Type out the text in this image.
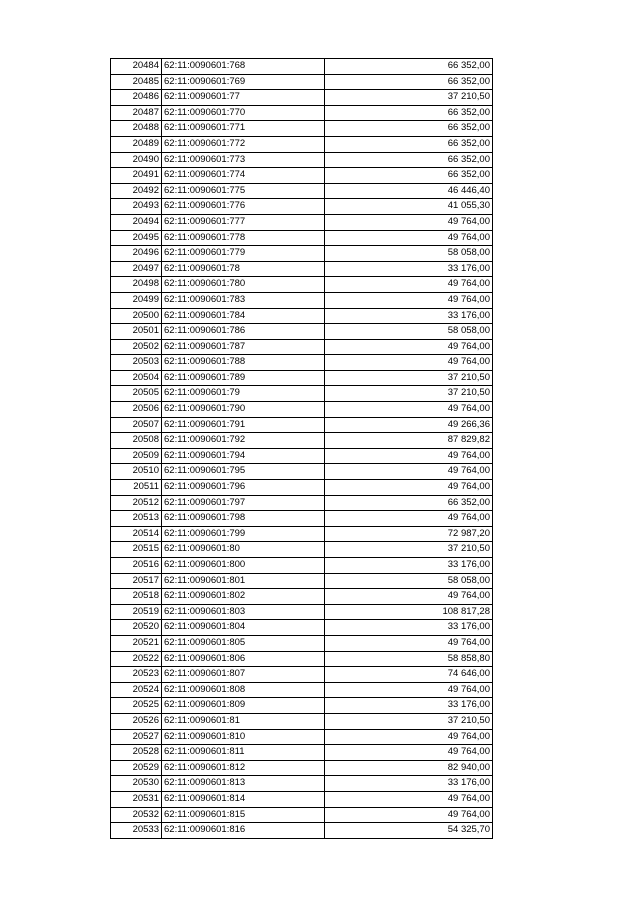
20484	62:11:0090601:768	66 352,00
20485	62:11:0090601:769	66 352,00
20486	62:11:0090601:77	37 210,50
20487	62:11:0090601:770	66 352,00
20488	62:11:0090601:771	66 352,00
20489	62:11:0090601:772	66 352,00
20490	62:11:0090601:773	66 352,00
20491	62:11:0090601:774	66 352,00
20492	62:11:0090601:775	46 446,40
20493	62:11:0090601:776	41 055,30
20494	62:11:0090601:777	49 764,00
20495	62:11:0090601:778	49 764,00
20496	62:11:0090601:779	58 058,00
20497	62:11:0090601:78	33 176,00
20498	62:11:0090601:780	49 764,00
20499	62:11:0090601:783	49 764,00
20500	62:11:0090601:784	33 176,00
20501	62:11:0090601:786	58 058,00
20502	62:11:0090601:787	49 764,00
20503	62:11:0090601:788	49 764,00
20504	62:11:0090601:789	37 210,50
20505	62:11:0090601:79	37 210,50
20506	62:11:0090601:790	49 764,00
20507	62:11:0090601:791	49 266,36
20508	62:11:0090601:792	87 829,82
20509	62:11:0090601:794	49 764,00
20510	62:11:0090601:795	49 764,00
20511	62:11:0090601:796	49 764,00
20512	62:11:0090601:797	66 352,00
20513	62:11:0090601:798	49 764,00
20514	62:11:0090601:799	72 987,20
20515	62:11:0090601:80	37 210,50
20516	62:11:0090601:800	33 176,00
20517	62:11:0090601:801	58 058,00
20518	62:11:0090601:802	49 764,00
20519	62:11:0090601:803	108 817,28
20520	62:11:0090601:804	33 176,00
20521	62:11:0090601:805	49 764,00
20522	62:11:0090601:806	58 858,80
20523	62:11:0090601:807	74 646,00
20524	62:11:0090601:808	49 764,00
20525	62:11:0090601:809	33 176,00
20526	62:11:0090601:81	37 210,50
20527	62:11:0090601:810	49 764,00
20528	62:11:0090601:811	49 764,00
20529	62:11:0090601:812	82 940,00
20530	62:11:0090601:813	33 176,00
20531	62:11:0090601:814	49 764,00
20532	62:11:0090601:815	49 764,00
20533	62:11:0090601:816	54 325,70
